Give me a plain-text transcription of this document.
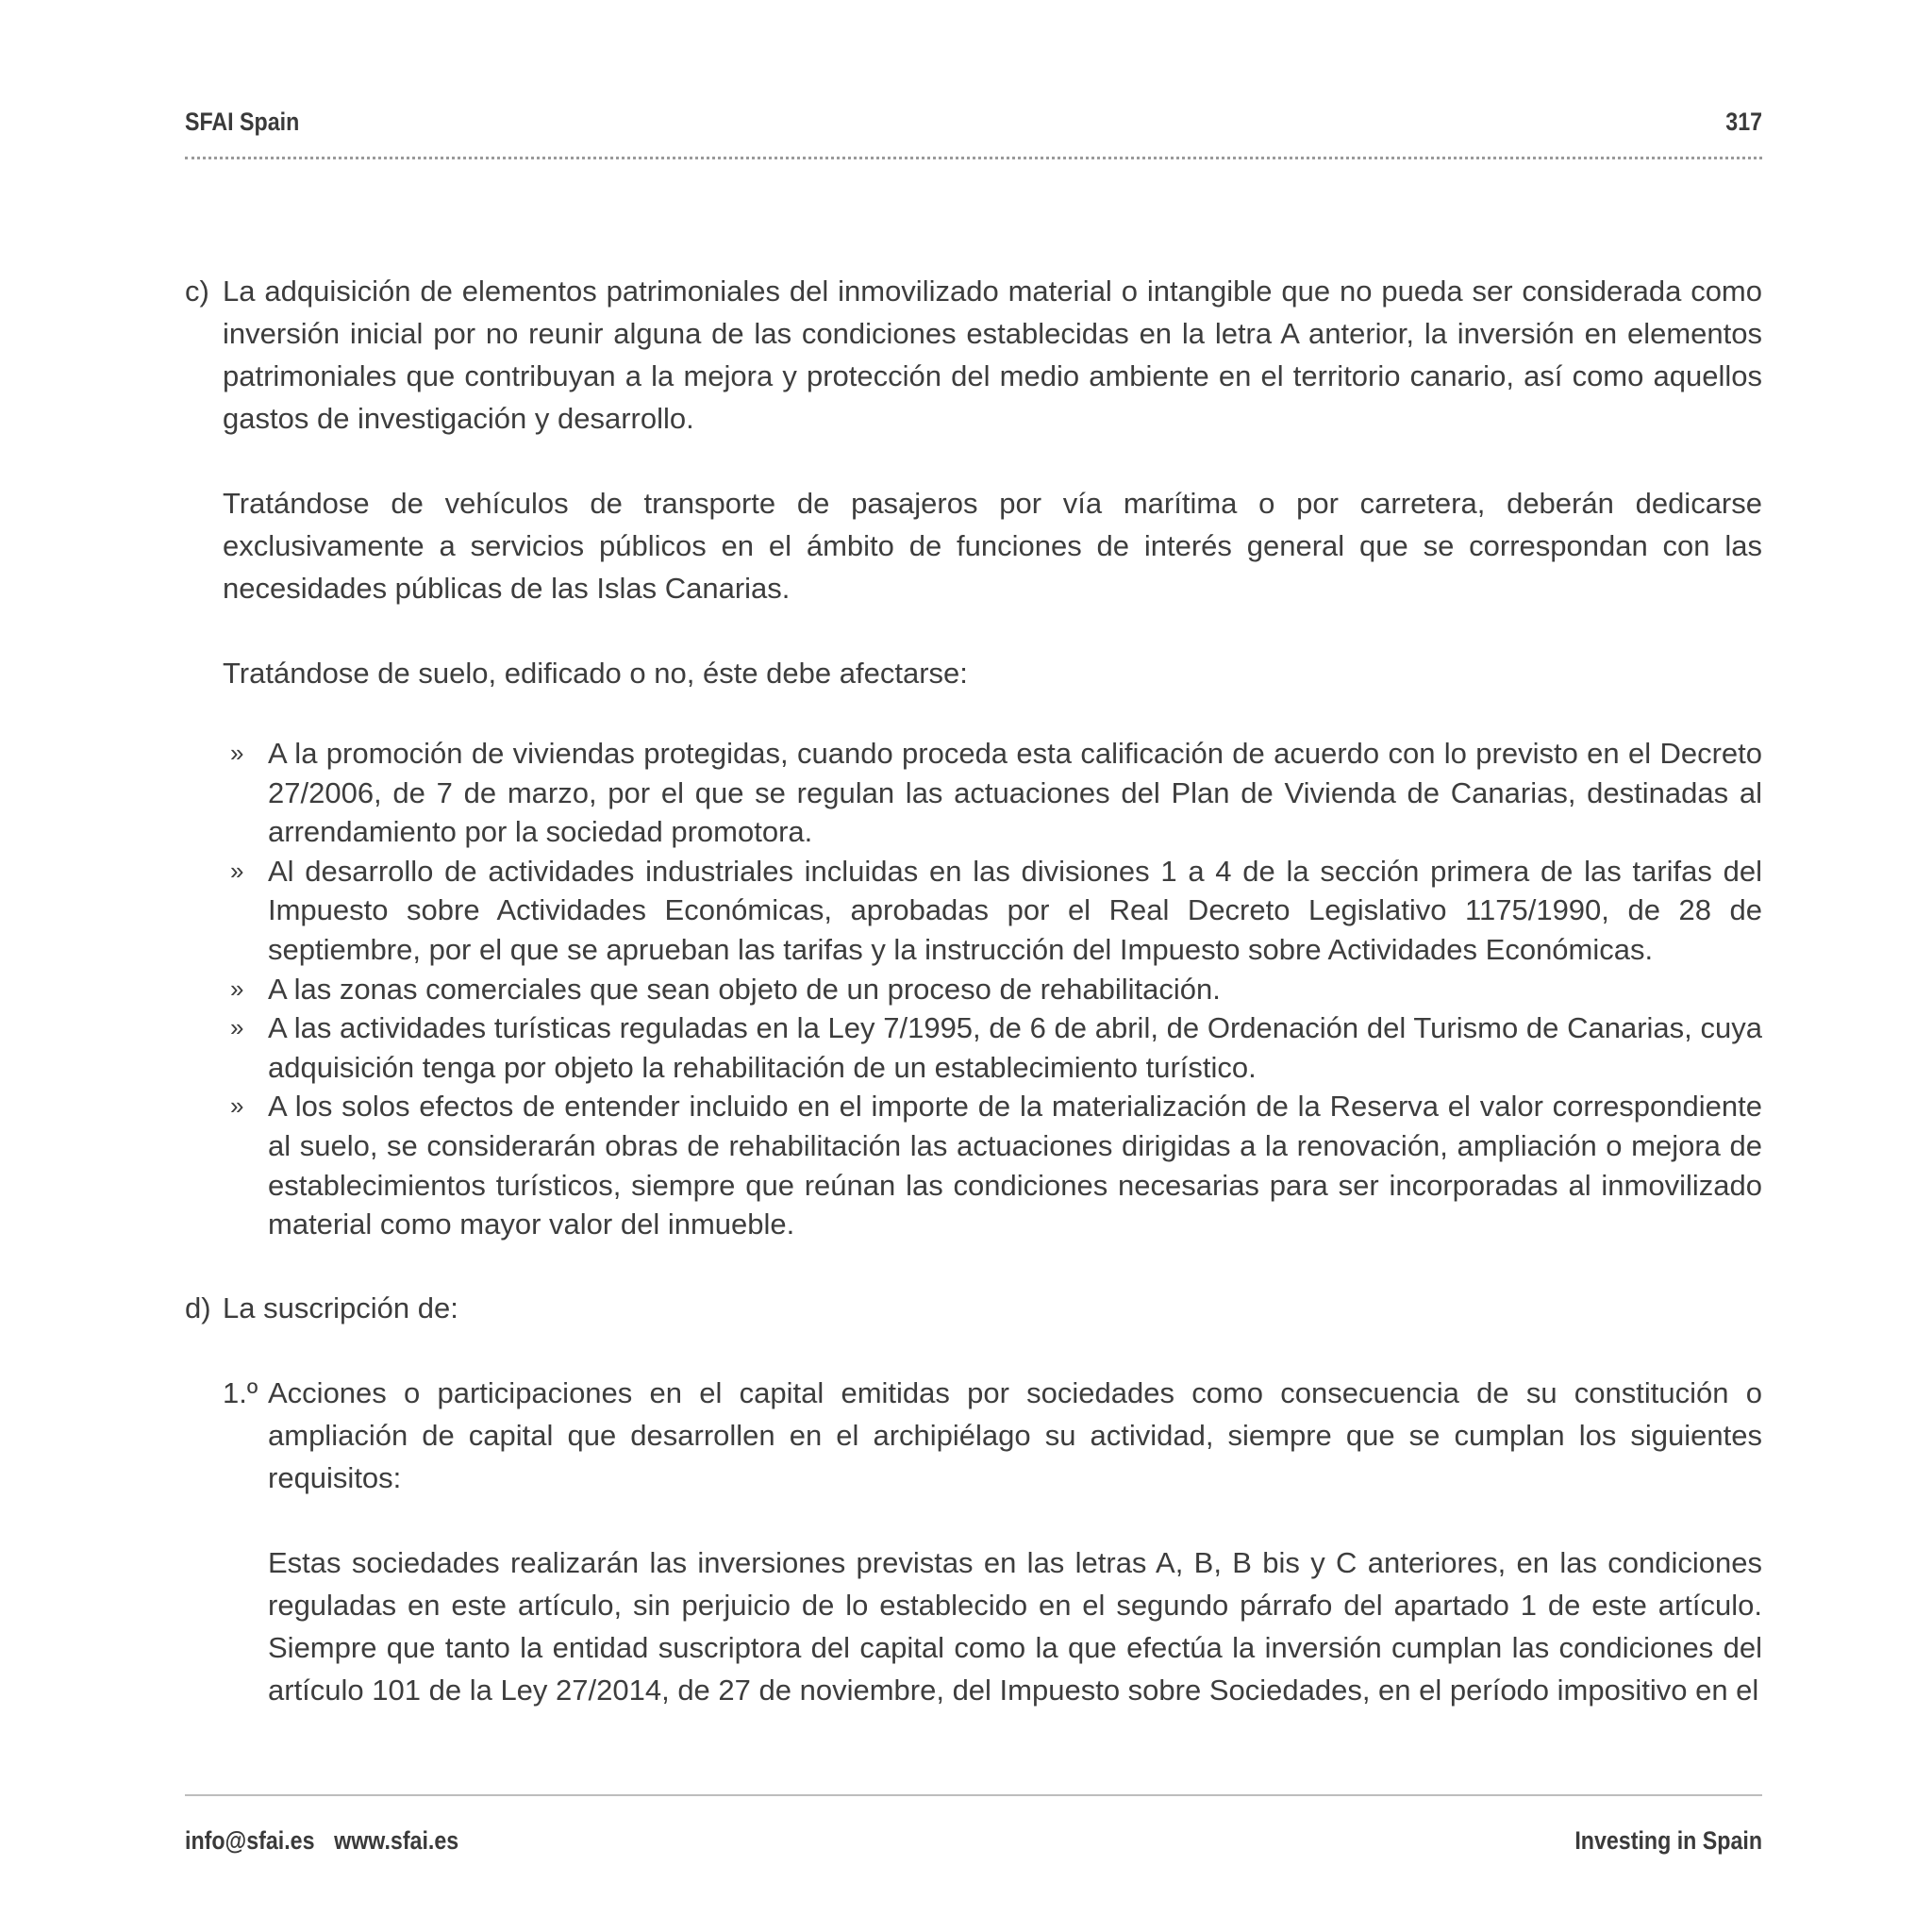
SFAI Spain	317
c) La adquisición de elementos patrimoniales del inmovilizado material o intangible que no pueda ser considerada como inversión inicial por no reunir alguna de las condiciones establecidas en la letra A anterior, la inversión en elementos patrimoniales que contribuyan a la mejora y protección del medio ambiente en el territorio canario, así como aquellos gastos de investigación y desarrollo.

Tratándose de vehículos de transporte de pasajeros por vía marítima o por carretera, deberán dedicarse exclusivamente a servicios públicos en el ámbito de funciones de interés general que se correspondan con las necesidades públicas de las Islas Canarias.

Tratándose de suelo, edificado o no, éste debe afectarse:

» A la promoción de viviendas protegidas, cuando proceda esta calificación de acuerdo con lo previsto en el Decreto 27/2006, de 7 de marzo, por el que se regulan las actuaciones del Plan de Vivienda de Canarias, destinadas al arrendamiento por la sociedad promotora.
» Al desarrollo de actividades industriales incluidas en las divisiones 1 a 4 de la sección primera de las tarifas del Impuesto sobre Actividades Económicas, aprobadas por el Real Decreto Legislativo 1175/1990, de 28 de septiembre, por el que se aprueban las tarifas y la instrucción del Impuesto sobre Actividades Económicas.
» A las zonas comerciales que sean objeto de un proceso de rehabilitación.
» A las actividades turísticas reguladas en la Ley 7/1995, de 6 de abril, de Ordenación del Turismo de Canarias, cuya adquisición tenga por objeto la rehabilitación de un establecimiento turístico.
» A los solos efectos de entender incluido en el importe de la materialización de la Reserva el valor correspondiente al suelo, se considerarán obras de rehabilitación las actuaciones dirigidas a la renovación, ampliación o mejora de establecimientos turísticos, siempre que reúnan las condiciones necesarias para ser incorporadas al inmovilizado material como mayor valor del inmueble.
d) La suscripción de:

1.º Acciones o participaciones en el capital emitidas por sociedades como consecuencia de su constitución o ampliación de capital que desarrollen en el archipiélago su actividad, siempre que se cumplan los siguientes requisitos:

Estas sociedades realizarán las inversiones previstas en las letras A, B, B bis y C anteriores, en las condiciones reguladas en este artículo, sin perjuicio de lo establecido en el segundo párrafo del apartado 1 de este artículo. Siempre que tanto la entidad suscriptora del capital como la que efectúa la inversión cumplan las condiciones del artículo 101 de la Ley 27/2014, de 27 de noviembre, del Impuesto sobre Sociedades, en el período impositivo en el

info@sfai.es www.sfai.es	Investing in Spain
